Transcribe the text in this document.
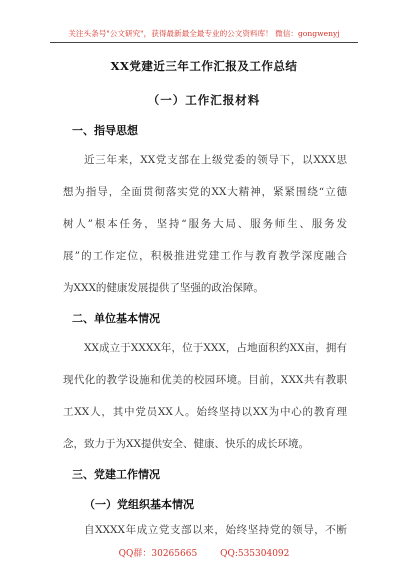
关注头条号"公文研究"，获得最新最全最专业的公文资料库！ 微信：gongwenyj
XX党建近三年工作汇报及工作总结
（一）工作汇报材料
一、指导思想
近三年来，XX党支部在上级党委的领导下，以XXX思
想为指导，全面贯彻落实党的XX大精神，紧紧围绕“立德
树人”根本任务，坚持“服务大局、服务师生、服务发
展”的工作定位，积极推进党建工作与教育教学深度融合
为XXX的健康发展提供了坚强的政治保障。
二、单位基本情况
XX成立于XXXX年，位于XXX，占地面积约XX亩，拥有
现代化的教学设施和优美的校园环境。目前，XXX共有教职
工XX人，其中党员XX人。始终坚持以XX为中心的教育理
念，致力于为XX提供安全、健康、快乐的成长环境。
三、党建工作情况
（一）党组织基本情况
自XXXX年成立党支部以来，始终坚持党的领导，不断
QQ群：30265665	QQ:535304092
